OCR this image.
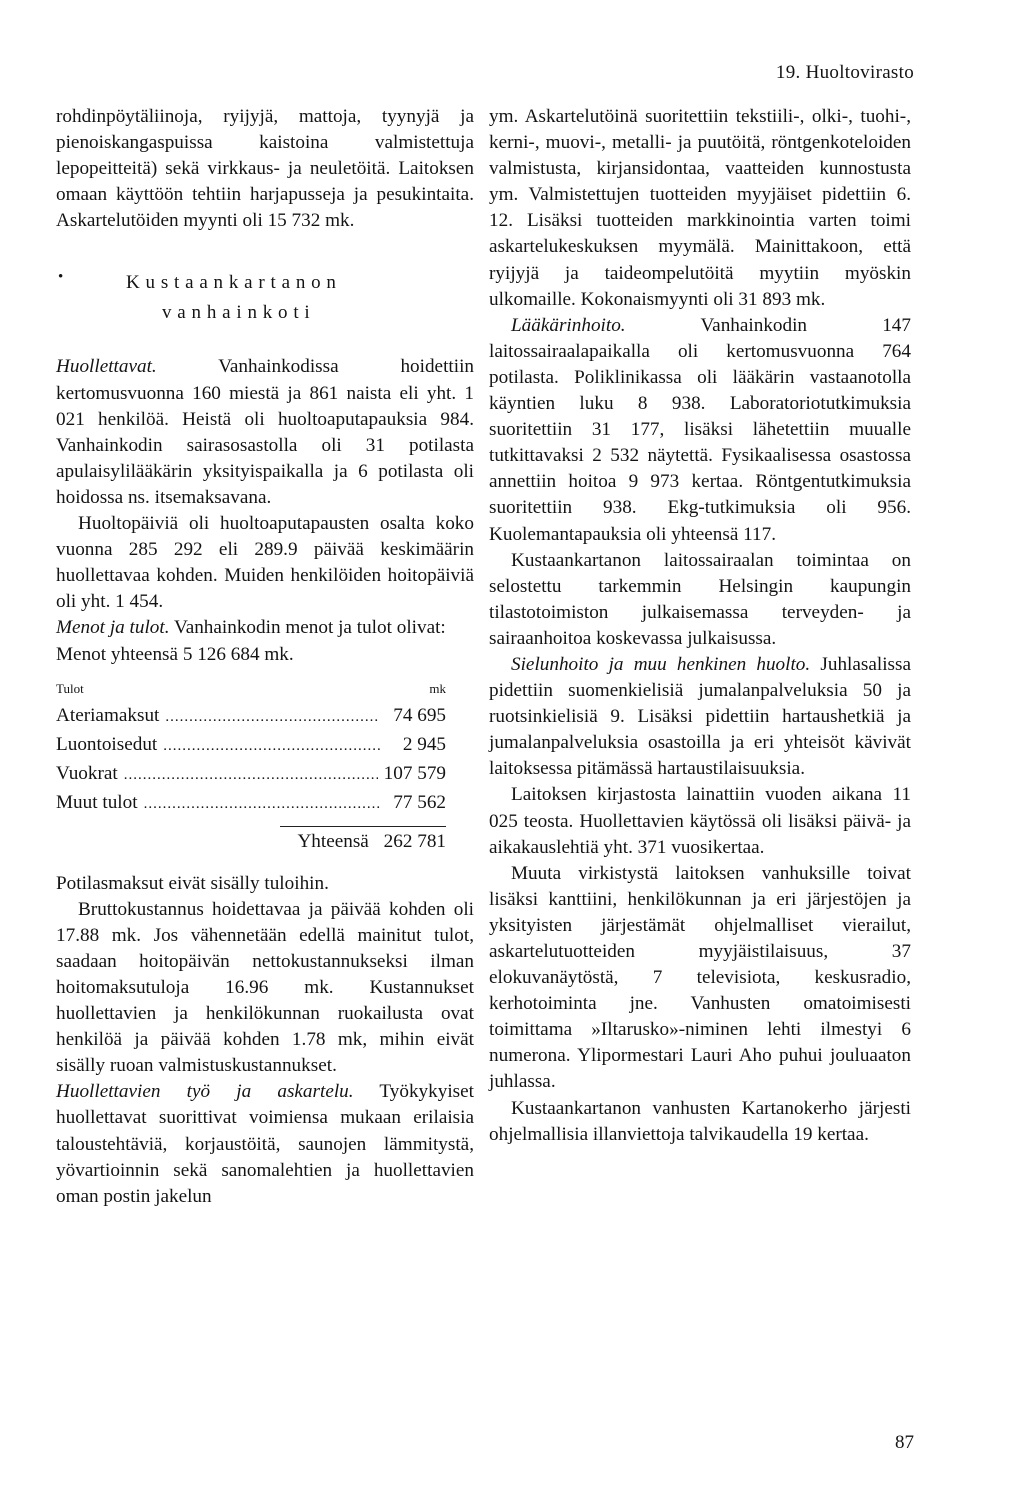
19. Huoltovirasto

rohdinpöytäliinoja, ryijyjä, mattoja, tyynyjä ja pienoiskangaspuissa kaistoina valmistettuja lepopeitteitä) sekä virkkaus- ja neuletöitä. Laitoksen omaan käyttöön tehtiin harjapusseja ja pesukintaita. Askartelutöiden myynti oli 15 732 mk.

•	Kustaankartanon
vanhainkoti

Huollettavat. Vanhainkodissa hoidettiin kertomusvuonna 160 miestä ja 861 naista eli yht. 1 021 henkilöä. Heistä oli huoltoaputapauksia 984. Vanhainkodin sairasosastolla oli 31 potilasta apulaisylilääkärin yksityispaikalla ja 6 potilasta oli hoidossa ns. itsemaksavana.

Huoltopäiviä oli huoltoaputapausten osalta koko vuonna 285 292 eli 289.9 päivää keskimäärin huollettavaa kohden. Muiden henkilöiden hoitopäiviä oli yht. 1 454.

Menot ja tulot. Vanhainkodin menot ja tulot olivat:

Menot yhteensä 5 126 684 mk.

Tulot	mk
Ateriamaksut .....	74 695
Luontoisedut .....	2 945
Vuokrat .....	107 579
Muut tulot .....	77 562
Yhteensä 262 781

Potilasmaksut eivät sisälly tuloihin.

Bruttokustannus hoidettavaa ja päivää kohden oli 17.88 mk. Jos vähennetään edellä mainitut tulot, saadaan hoitopäivän nettokustannukseksi ilman hoitomaksutuloja 16.96 mk. Kustannukset huollettavien ja henkilökunnan ruokailusta ovat henkilöä ja päivää kohden 1.78 mk, mihin eivät sisälly ruoan valmistuskustannukset.

Huollettavien työ ja askartelu. Työkykyiset huollettavat suorittivat voimiensa mukaan erilaisia taloustehtäviä, korjaustöitä, saunojen lämmitystä, yövartioinnin sekä sanomalehtien ja huollettavien oman postin jakelun

ym. Askartelutöinä suoritettiin tekstiili-, olki-, tuohi-, kerni-, muovi-, metalli- ja puutöitä, röntgenkoteloiden valmistusta, kirjansidontaa, vaatteiden kunnostusta ym. Valmistettujen tuotteiden myyjäiset pidettiin 6. 12. Lisäksi tuotteiden markkinointia varten toimi askartelukeskuksen myymälä. Mainittakoon, että ryijyjä ja taideompelutöitä myytiin myöskin ulkomaille. Kokonaismyynti oli 31 893 mk.

Lääkärinhoito. Vanhainkodin 147 laitossairaalapaikalla oli kertomusvuonna 764 potilasta. Poliklinikassa oli lääkärin vastaanotolla käyntien luku 8 938. Laboratoriotutkimuksia suoritettiin 31 177, lisäksi lähetettiin muualle tutkittavaksi 2 532 näytettä. Fysikaalisessa osastossa annettiin hoitoa 9 973 kertaa. Röntgentutkimuksia suoritettiin 938. Ekg-tutkimuksia oli 956. Kuolemantapauksia oli yhteensä 117.

Kustaankartanon laitossairaalan toimintaa on selostettu tarkemmin Helsingin kaupungin tilastotoimiston julkaisemassa terveyden- ja sairaanhoitoa koskevassa julkaisussa.

Sielunhoito ja muu henkinen huolto. Juhlasalissa pidettiin suomenkielisiä jumalanpalveluksia 50 ja ruotsinkielisiä 9. Lisäksi pidettiin hartaushetkiä ja jumalanpalveluksia osastoilla ja eri yhteisöt kävivät laitoksessa pitämässä hartaustilaisuuksia.

Laitoksen kirjastosta lainattiin vuoden aikana 11 025 teosta. Huollettavien käytössä oli lisäksi päivä- ja aikakauslehtiä yht. 371 vuosikertaa.

Muuta virkistystä laitoksen vanhuksille toivat lisäksi kanttiini, henkilökunnan ja eri järjestöjen ja yksityisten järjestämät ohjelmalliset vierailut, askartelutuotteiden myyjäistilaisuus, 37 elokuvanäytöstä, 7 televisiota, keskusradio, kerhotoiminta jne. Vanhusten omatoimisesti toimittama »Iltarusko»-niminen lehti ilmestyi 6 numerona. Ylipormestari Lauri Aho puhui jouluaaton juhlassa.

Kustaankartanon vanhusten Kartanokerho järjesti ohjelmallisia illanviettoja talvikaudella 19 kertaa.

87
